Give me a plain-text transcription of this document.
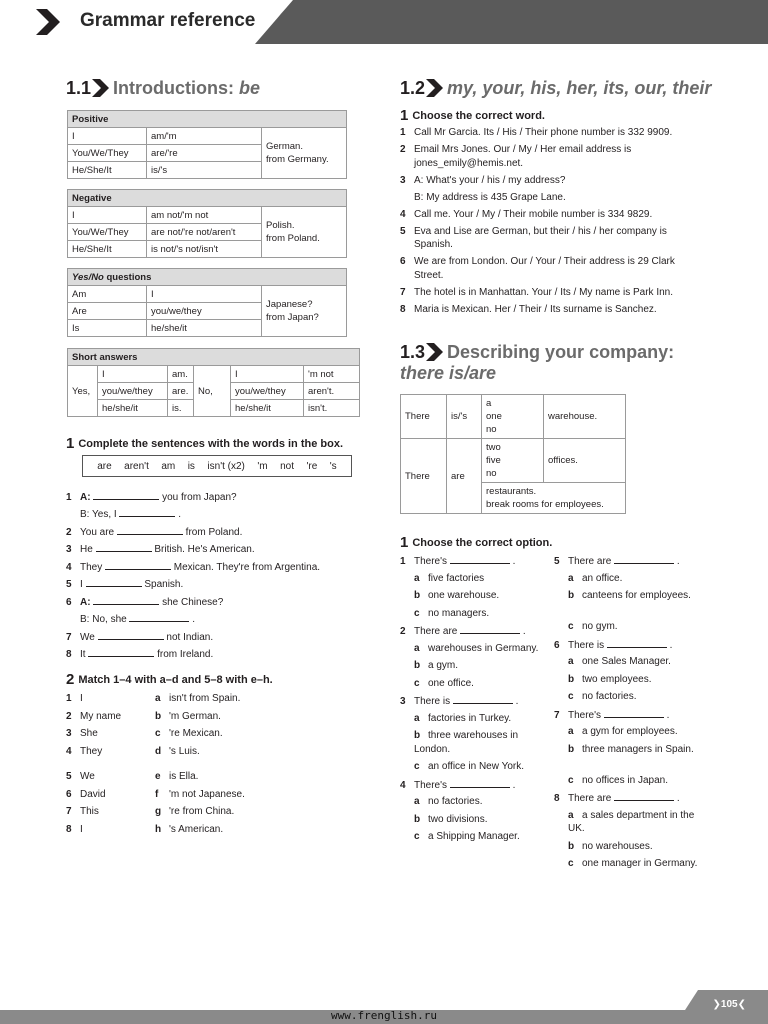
Grammar reference
1.1 Introductions: be
Positive		
I	am/'m	German.
from Germany.
You/We/They	are/'re	
He/She/It	is/'s	
Negative		
I	am not/'m not	Polish.
from Poland.
You/We/They	are not/'re not/aren't	
He/She/It	is not/'s not/isn't	
Yes/No questions		
Am	I	Japanese?
from Japan?
Are	you/we/they	
Is	he/she/it	
Short answers					
Yes,	I	am.	No,	I	'm not
	you/we/they	are.		you/we/they	aren't.
	he/she/it	is.		he/she/it	isn't.
1 Complete the sentences with the words in the box.
are aren't am is isn't (x2) 'm not 're 's
1 A:	you from Japan?
B: Yes, I	.
2 You are	from Poland.
3 He	British. He's American.
4 They	Mexican. They're from Argentina.
5 I	Spanish.
6 A:	she Chinese?
B: No, she	.
7 We	not Indian.
8 It	from Ireland.
2 Match 1–4 with a–d and 5–8 with e–h.
1 I	a isn't from Spain.
2 My name	b 'm German.
3 She	c 're Mexican.
4 They	d 's Luis.
5 We	e is Ella.
6 David	f 'm not Japanese.
7 This	g 're from China.
8 I	h 's American.
1.2 my, your, his, her, its, our, their
1 Choose the correct word.
1 Call Mr Garcia. Its / His / Their phone number is 332 9909.
2 Email Mrs Jones. Our / My / Her email address is
jones_emily@hemis.net.
3 A: What's your / his / my address?
B: My address is 435 Grape Lane.
4 Call me. Your / My / Their mobile number is 334 9829.
5 Eva and Lise are German, but their / his / her company is
Spanish.
6 We are from London. Our / Your / Their address is 29 Clark
Street.
7 The hotel is in Manhattan. Your / Its / My name is Park Inn.
8 Maria is Mexican. Her / Their / Its surname is Sanchez.
1.3 Describing your company:
there is/are
There	is/'s	a
one
no	warehouse.
There	are	two
five
no	offices.
		restaurants.
break rooms for employees.	
1 Choose the correct option.
1 There's	.
a five factories
b one warehouse.
c no managers.
2 There are	.
a warehouses in Germany.
b a gym.
c one office.
3 There is	.
a factories in Turkey.
b three warehouses in London.
c an office in New York.
4 There's	.
a no factories.
b two divisions.
c a Shipping Manager.
5 There are	.
a an office.
b canteens for employees.
c no gym.
6 There is	.
a one Sales Manager.
b two employees.
c no factories.
7 There's	.
a a gym for employees.
b three managers in Spain.
c no offices in Japan.
8 There are	.
a a sales department in the UK.
b no warehouses.
c one manager in Germany.
❯105❮
www.frenglish.ru
